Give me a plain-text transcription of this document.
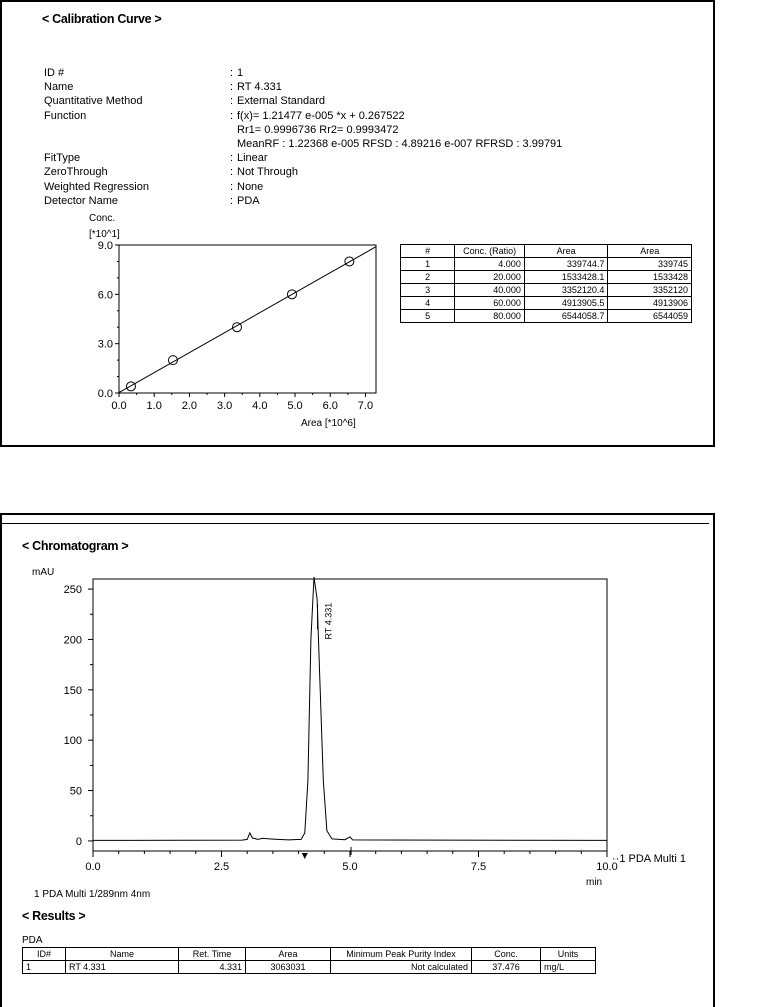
< Calibration Curve >
ID #	: 1
Name	: RT 4.331
Quantitative Method	: External Standard
Function	: f(x)= 1.21477 e-005 *x + 0.267522
Rr1= 0.9996736 Rr2= 0.9993472
MeanRF : 1.22368 e-005 RFSD : 4.89216 e-007 RFRSD : 3.99791
FitType	: Linear
ZeroThrough	: Not Through
Weighted Regression	: None
Detector Name	: PDA
Conc.
[*10^1]
0.0
3.0
6.0
9.0
0.0 1.0 2.0 3.0 4.0 5.0 6.0 7.0
Area [*10^6]
#	Conc. (Ratio)	Area	Area
1	4.000	339744.7	339745
2	20.000	1533428.1	1533428
3	40.000	3352120.4	3352120
4	60.000	4913905.5	4913906
5	80.000	6544058.7	6544059
< Chromatogram >
mAU
0
50
100
150
200
250
0.0	2.5	5.0	7.5	10.0
min
RT 4.331
··1 PDA Multi 1
1 PDA Multi 1/289nm 4nm
< Results >
PDA
ID#	Name	Ret. Time	Area	Minimum Peak Purity Index	Conc.	Units
1	RT 4.331	4.331	3063031	Not calculated	37.476	mg/L
